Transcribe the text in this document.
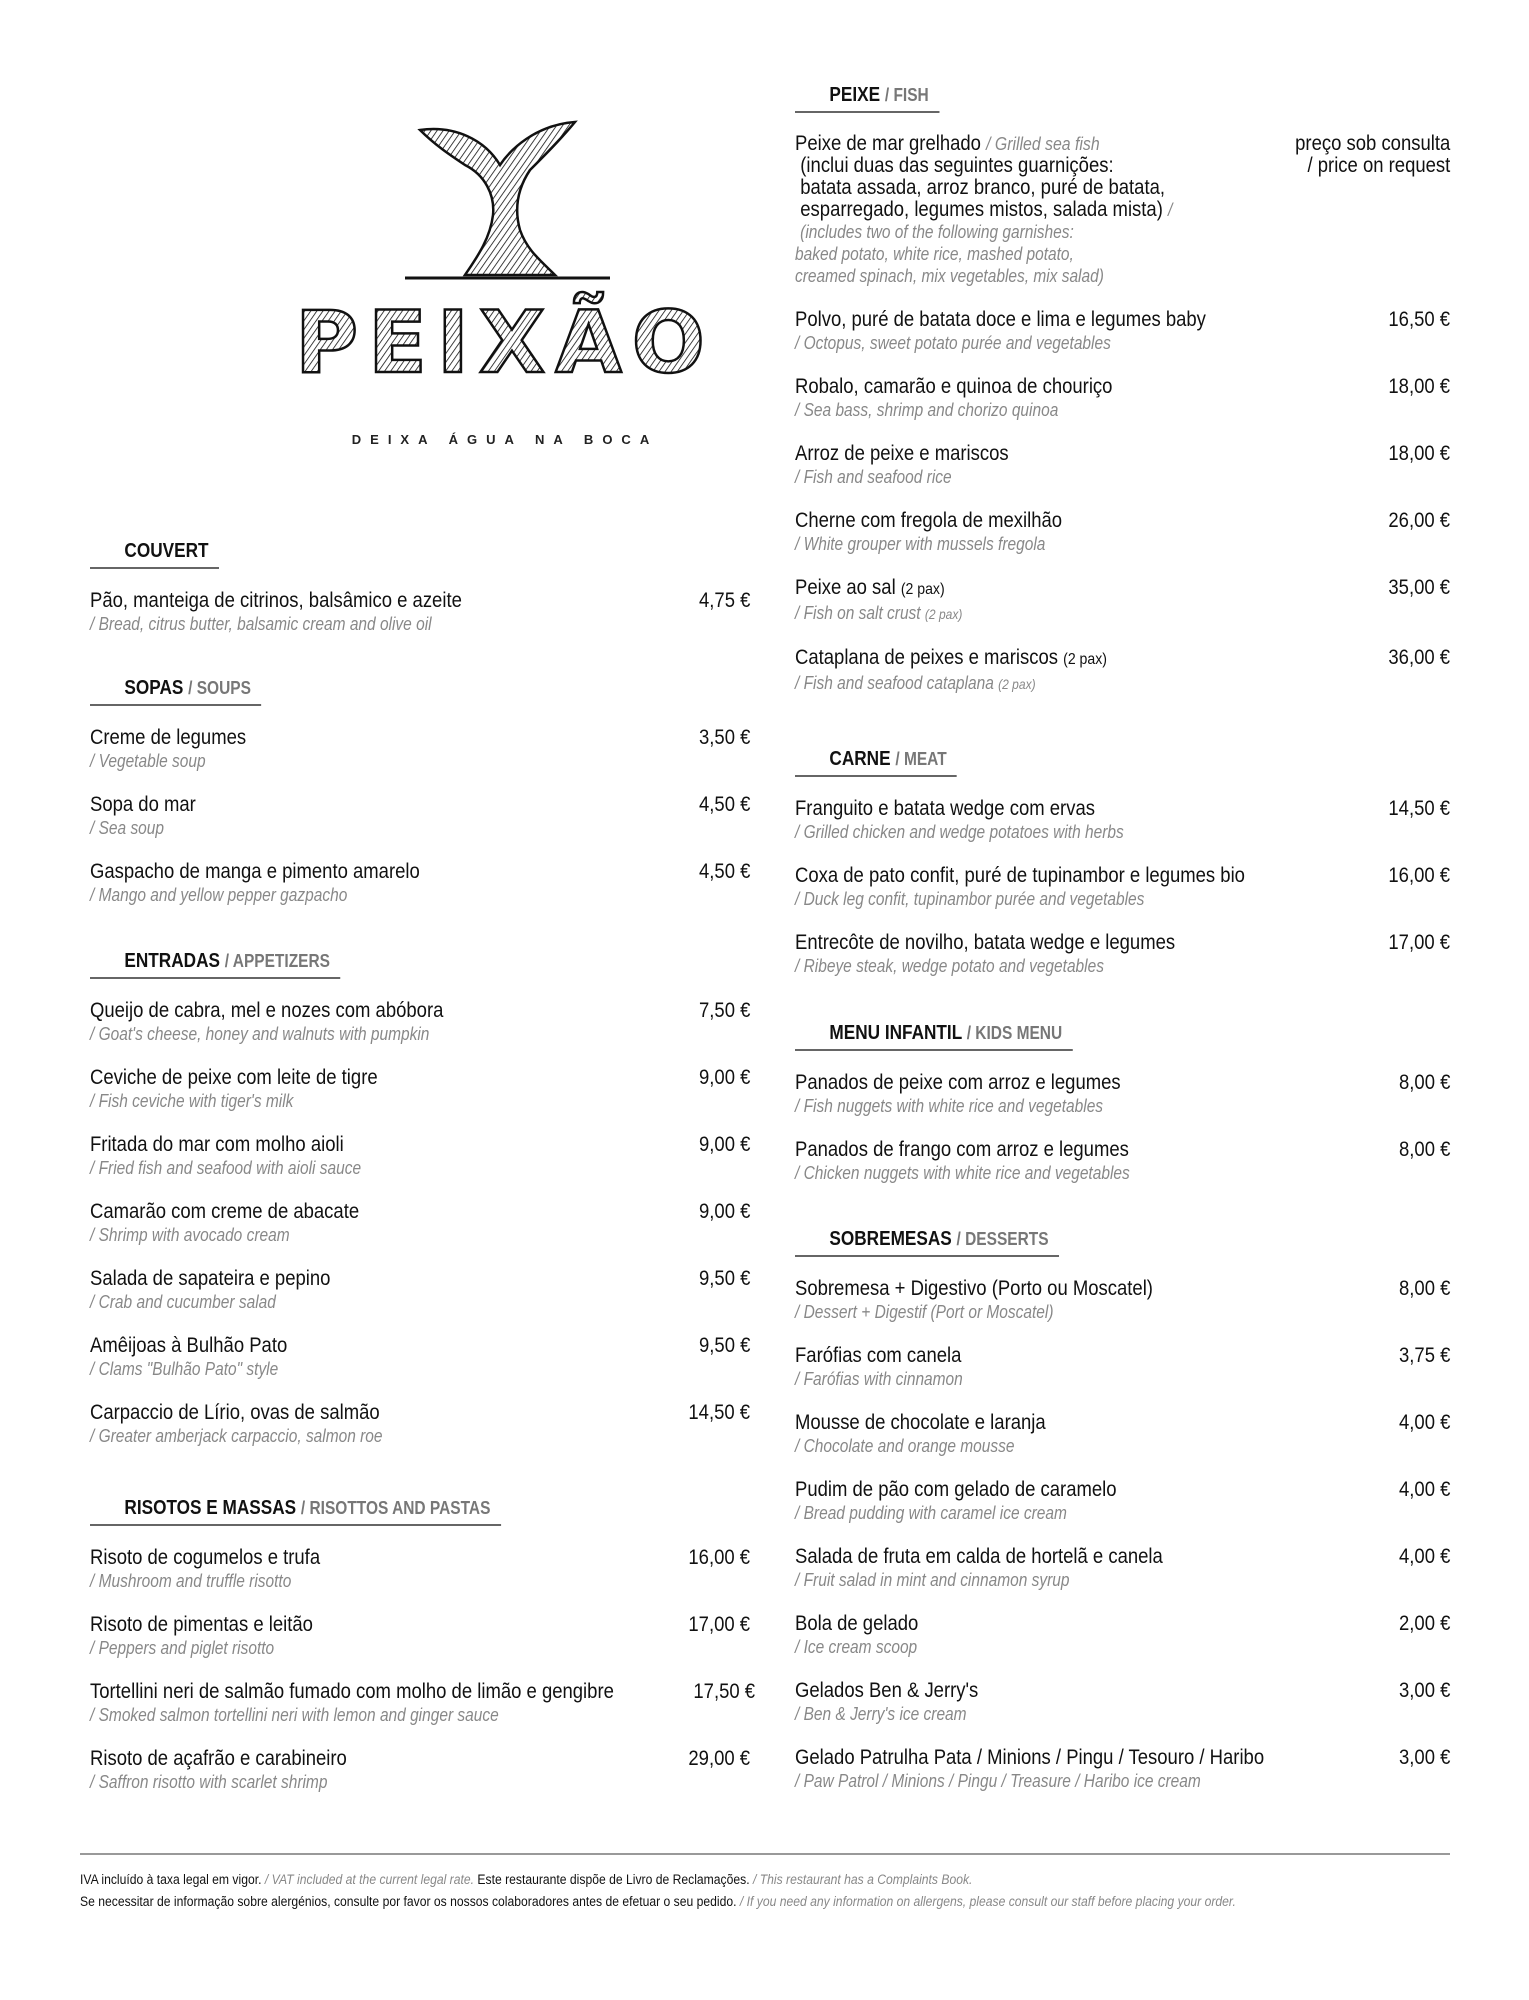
PEIXÃO
DEIXA ÁGUA NA BOCA
COUVERT
Pão, manteiga de citrinos, balsâmico e azeite	4,75 €
/ Bread, citrus butter, balsamic cream and olive oil
SOPAS / SOUPS
Creme de legumes	3,50 €
/ Vegetable soup
Sopa do mar	4,50 €
/ Sea soup
Gaspacho de manga e pimento amarelo	4,50 €
/ Mango and yellow pepper gazpacho
ENTRADAS / APPETIZERS
Queijo de cabra, mel e nozes com abóbora	7,50 €
/ Goat's cheese, honey and walnuts with pumpkin
Ceviche de peixe com leite de tigre	9,00 €
/ Fish ceviche with tiger's milk
Fritada do mar com molho aioli	9,00 €
/ Fried fish and seafood with aioli sauce
Camarão com creme de abacate	9,00 €
/ Shrimp with avocado cream
Salada de sapateira e pepino	9,50 €
/ Crab and cucumber salad
Amêijoas à Bulhão Pato	9,50 €
/ Clams "Bulhão Pato" style
Carpaccio de Lírio, ovas de salmão	14,50 €
/ Greater amberjack carpaccio, salmon roe
RISOTOS E MASSAS / RISOTTOS AND PASTAS
Risoto de cogumelos e trufa	16,00 €
/ Mushroom and truffle risotto
Risoto de pimentas e leitão	17,00 €
/ Peppers and piglet risotto
Tortellini neri de salmão fumado com molho de limão e gengibre	17,50 €
/ Smoked salmon tortellini neri with lemon and ginger sauce
Risoto de açafrão e carabineiro	29,00 €
/ Saffron risotto with scarlet shrimp
PEIXE / FISH
Peixe de mar grelhado / Grilled sea fish
(inclui duas das seguintes guarnições:
batata assada, arroz branco, puré de batata,
esparregado, legumes mistos, salada mista) /
(includes two of the following garnishes:
baked potato, white rice, mashed potato,
creamed spinach, mix vegetables, mix salad)
preço sob consulta
/ price on request
Polvo, puré de batata doce e lima e legumes baby	16,50 €
/ Octopus, sweet potato purée and vegetables
Robalo, camarão e quinoa de chouriço	18,00 €
/ Sea bass, shrimp and chorizo quinoa
Arroz de peixe e mariscos	18,00 €
/ Fish and seafood rice
Cherne com fregola de mexilhão	26,00 €
/ White grouper with mussels fregola
Peixe ao sal (2 pax)	35,00 €
/ Fish on salt crust (2 pax)
Cataplana de peixes e mariscos (2 pax)	36,00 €
/ Fish and seafood cataplana (2 pax)
CARNE / MEAT
Franguito e batata wedge com ervas	14,50 €
/ Grilled chicken and wedge potatoes with herbs
Coxa de pato confit, puré de tupinambor e legumes bio	16,00 €
/ Duck leg confit, tupinambor purée and vegetables
Entrecôte de novilho, batata wedge e legumes	17,00 €
/ Ribeye steak, wedge potato and vegetables
MENU INFANTIL / KIDS MENU
Panados de peixe com arroz e legumes	8,00 €
/ Fish nuggets with white rice and vegetables
Panados de frango com arroz e legumes	8,00 €
/ Chicken nuggets with white rice and vegetables
SOBREMESAS / DESSERTS
Sobremesa + Digestivo (Porto ou Moscatel)	8,00 €
/ Dessert + Digestif (Port or Moscatel)
Farófias com canela	3,75 €
/ Farófias with cinnamon
Mousse de chocolate e laranja	4,00 €
/ Chocolate and orange mousse
Pudim de pão com gelado de caramelo	4,00 €
/ Bread pudding with caramel ice cream
Salada de fruta em calda de hortelã e canela	4,00 €
/ Fruit salad in mint and cinnamon syrup
Bola de gelado	2,00 €
/ Ice cream scoop
Gelados Ben & Jerry's	3,00 €
/ Ben & Jerry's ice cream
Gelado Patrulha Pata / Minions / Pingu / Tesouro / Haribo	3,00 €
/ Paw Patrol / Minions / Pingu / Treasure / Haribo ice cream
IVA incluído à taxa legal em vigor. / VAT included at the current legal rate. Este restaurante dispõe de Livro de Reclamações. / This restaurant has a Complaints Book.
Se necessitar de informação sobre alergénios, consulte por favor os nossos colaboradores antes de efetuar o seu pedido. / If you need any information on allergens, please consult our staff before placing your order.
